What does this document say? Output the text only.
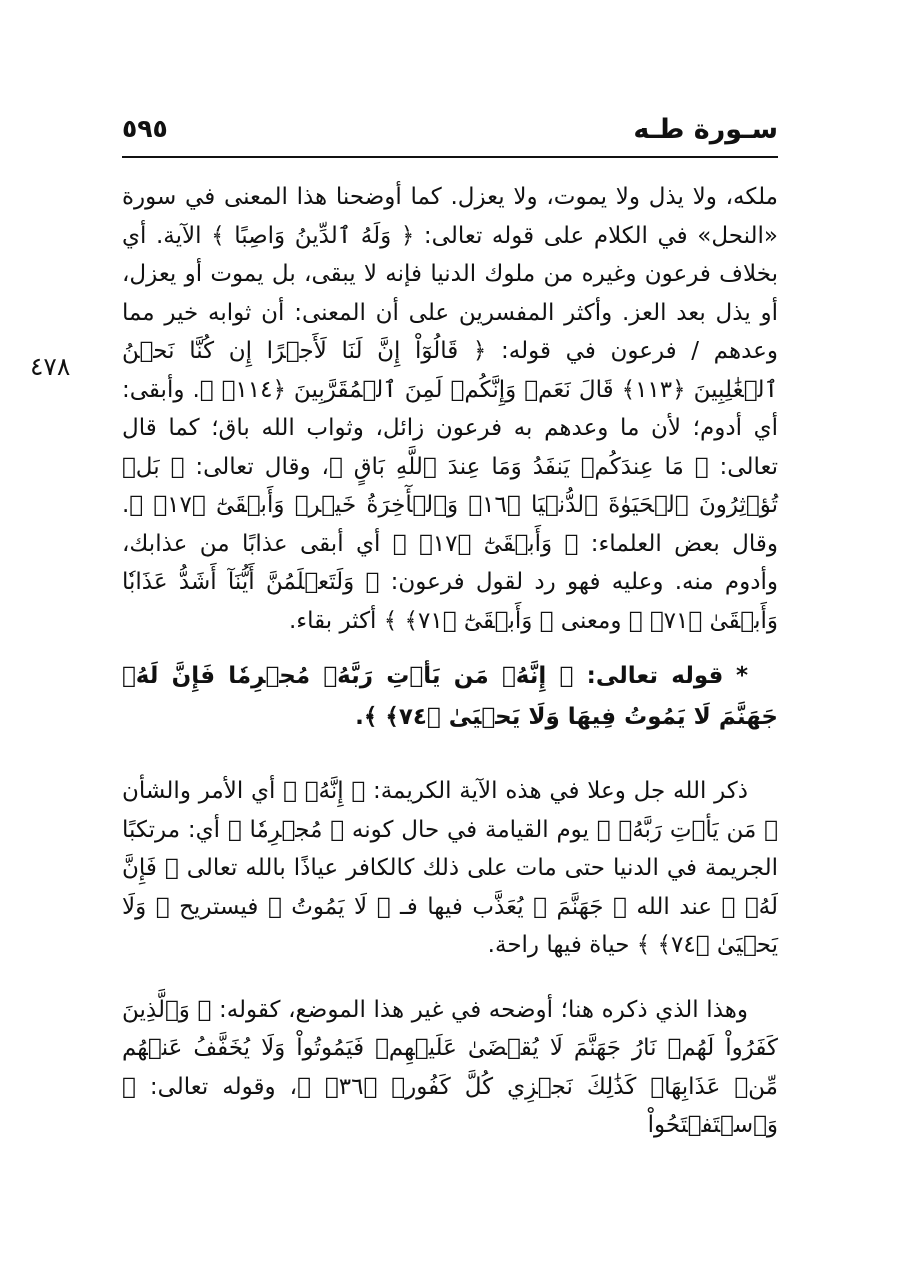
سـورة طـه
٥٩٥
٤٧٨

ملكه، ولا يذل ولا يموت، ولا يعزل. كما أوضحنا هذا المعنى في سورة «النحل» في الكلام على قوله تعالى: ﴿ وَلَهُ ٱلدِّينُ وَاصِبًا ﴾ الآية. أي بخلاف فرعون وغيره من ملوك الدنيا فإنه لا يبقى، بل يموت أو يعزل، أو يذل بعد العز. وأكثر المفسرين على أن المعنى: أن ثوابه خير مما وعدهم / فرعون في قوله: ﴿ قَالُوٓاْ إِنَّ لَنَا لَأَجۡرًا إِن كُنَّا نَحۡنُ ٱلۡغَٰلِبِينَ ﴿١١٣﴾ قَالَ نَعَمۡ وَإِنَّكُمۡ لَمِنَ ٱلۡمُقَرَّبِينَ ﴿١١٤﴾ ﴾. وأبقى: أي أدوم؛ لأن ما وعدهم به فرعون زائل، وثواب الله باق؛ كما قال تعالى: ﴿ مَا عِندَكُمۡ يَنفَدُ وَمَا عِندَ ٱللَّهِ بَاقٍ ﴾، وقال تعالى: ﴿ بَلۡ تُؤۡثِرُونَ ٱلۡحَيَوٰةَ ٱلدُّنۡيَا ﴿١٦﴾ وَٱلۡأٓخِرَةُ خَيۡرٞ وَأَبۡقَىٰٓ ﴿١٧﴾ ﴾. وقال بعض العلماء: ﴿ وَأَبۡقَىٰٓ ﴿١٧﴾ ﴾ أي أبقى عذابًا من عذابك، وأدوم منه. وعليه فهو رد لقول فرعون: ﴿ وَلَتَعۡلَمُنَّ أَيُّنَآ أَشَدُّ عَذَابٗا وَأَبۡقَىٰ ﴿٧١﴾ ﴾ ومعنى ﴿ وَأَبۡقَىٰٓ ﴿٧١﴾ ﴾ أكثر بقاء.

* قوله تعالى: ﴿ إِنَّهُۥ مَن يَأۡتِ رَبَّهُۥ مُجۡرِمٗا فَإِنَّ لَهُۥ جَهَنَّمَ لَا يَمُوتُ فِيهَا وَلَا يَحۡيَىٰ ﴿٧٤﴾ ﴾.

ذكر الله جل وعلا في هذه الآية الكريمة: ﴿ إِنَّهُۥ ﴾ أي الأمر والشأن ﴿ مَن يَأۡتِ رَبَّهُۥ ﴾ يوم القيامة في حال كونه ﴿ مُجۡرِمٗا ﴾ أي: مرتكبًا الجريمة في الدنيا حتى مات على ذلك كالكافر عياذًا بالله تعالى ﴿ فَإِنَّ لَهُۥ ﴾ عند الله ﴿ جَهَنَّمَ ﴾ يُعَذَّب فيها فـ ﴿ لَا يَمُوتُ ﴾ فيستريح ﴿ وَلَا يَحۡيَىٰ ﴿٧٤﴾ ﴾ حياة فيها راحة.

وهذا الذي ذكره هنا؛ أوضحه في غير هذا الموضع، كقوله: ﴿ وَٱلَّذِينَ كَفَرُواْ لَهُمۡ نَارُ جَهَنَّمَ لَا يُقۡضَىٰ عَلَيۡهِمۡ فَيَمُوتُواْ وَلَا يُخَفَّفُ عَنۡهُم مِّنۡ عَذَابِهَاۚ كَذَٰلِكَ نَجۡزِي كُلَّ كَفُورٖ ﴿٣٦﴾ ﴾، وقوله تعالى: ﴿ وَٱسۡتَفۡتَحُواْ
